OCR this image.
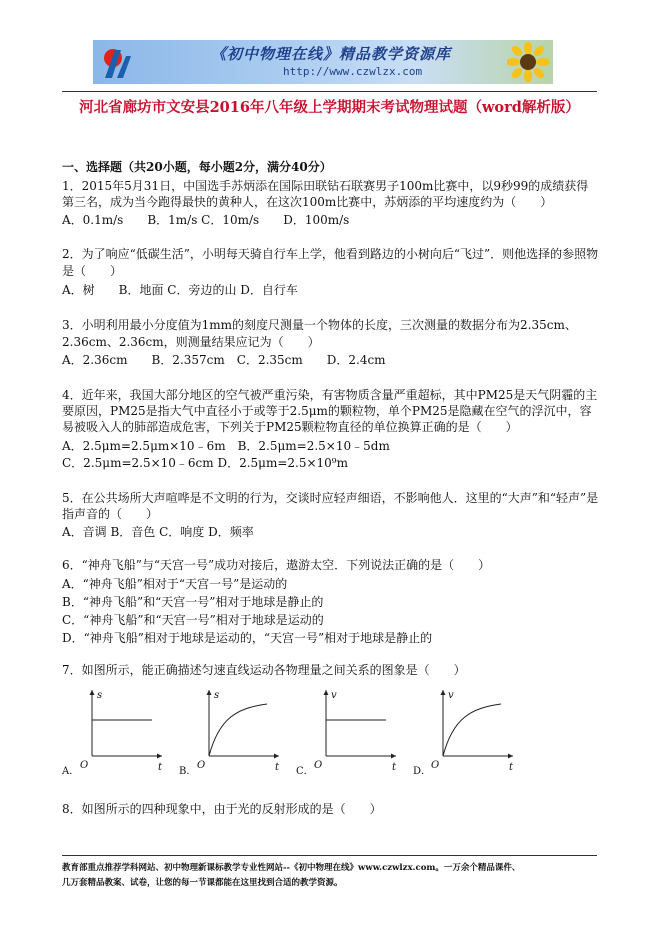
《初中物理在线》精品教学资源库
http://www.czwlzx.com
河北省廊坊市文安县2016年八年级上学期期末考试物理试题（word解析版）
一、选择题（共20小题，每小题2分，满分40分）
1．2015年5月31日，中国选手苏炳添在国际田联钻石联赛男子100m比赛中，以9秒99的成绩获得
第三名，成为当今跑得最快的黄种人，在这次100m比赛中，苏炳添的平均速度约为（　　）
A．0.1m/s　　B．1m/s C．10m/s　　D．100m/s
2．为了响应“低碳生活”，小明每天骑自行车上学，他看到路边的小树向后“飞过”．则他选择的参照物
是（　　）
A．树　　B．地面 C．旁边的山 D．自行车
3．小明利用最小分度值为1mm的刻度尺测量一个物体的长度，三次测量的数据分布为2.35cm、
2.36cm、2.36cm，则测量结果应记为（　　）
A．2.36cm　　B．2.357cm　C．2.35cm　　D．2.4cm
4．近年来，我国大部分地区的空气被严重污染，有害物质含量严重超标，其中PM25是天气阴霾的主
要原因，PM25是指大气中直径小于或等于2.5μm的颗粒物，单个PM25是隐藏在空气的浮沉中，容
易被吸入人的肺部造成危害，下列关于PM25颗粒物直径的单位换算正确的是（　　）
A．2.5μm=2.5μm×10﹣6m　B．2.5μm=2.5×10﹣5dm
C．2.5μm=2.5×10﹣6cm D．2.5μm=2.5×10⁹m
5．在公共场所大声喧哗是不文明的行为，交谈时应轻声细语，不影响他人．这里的“大声”和“轻声”是
指声音的（　　）
A．音调 B．音色 C．响度 D．频率
6．“神舟飞船”与“天宫一号”成功对接后，遨游太空．下列说法正确的是（　　）
A．“神舟飞船”相对于“天宫一号”是运动的
B．“神舟飞船”和“天宫一号”相对于地球是静止的
C．“神舟飞船”和“天宫一号”相对于地球是运动的
D．“神舟飞船”相对于地球是运动的，“天宫一号”相对于地球是静止的
7．如图所示，能正确描述匀速直线运动各物理量之间关系的图象是（　　）
A．
s
t
O
B．
s
t
O
C．
v
t
O
D．
v
t
O
8．如图所示的四种现象中，由于光的反射形成的是（　　）
教育部重点推荐学科网站、初中物理新课标教学专业性网站--《初中物理在线》www.czwlzx.com。一万余个精品课件、
几万套精品教案、试卷，让您的每一节课都能在这里找到合适的教学资源。
